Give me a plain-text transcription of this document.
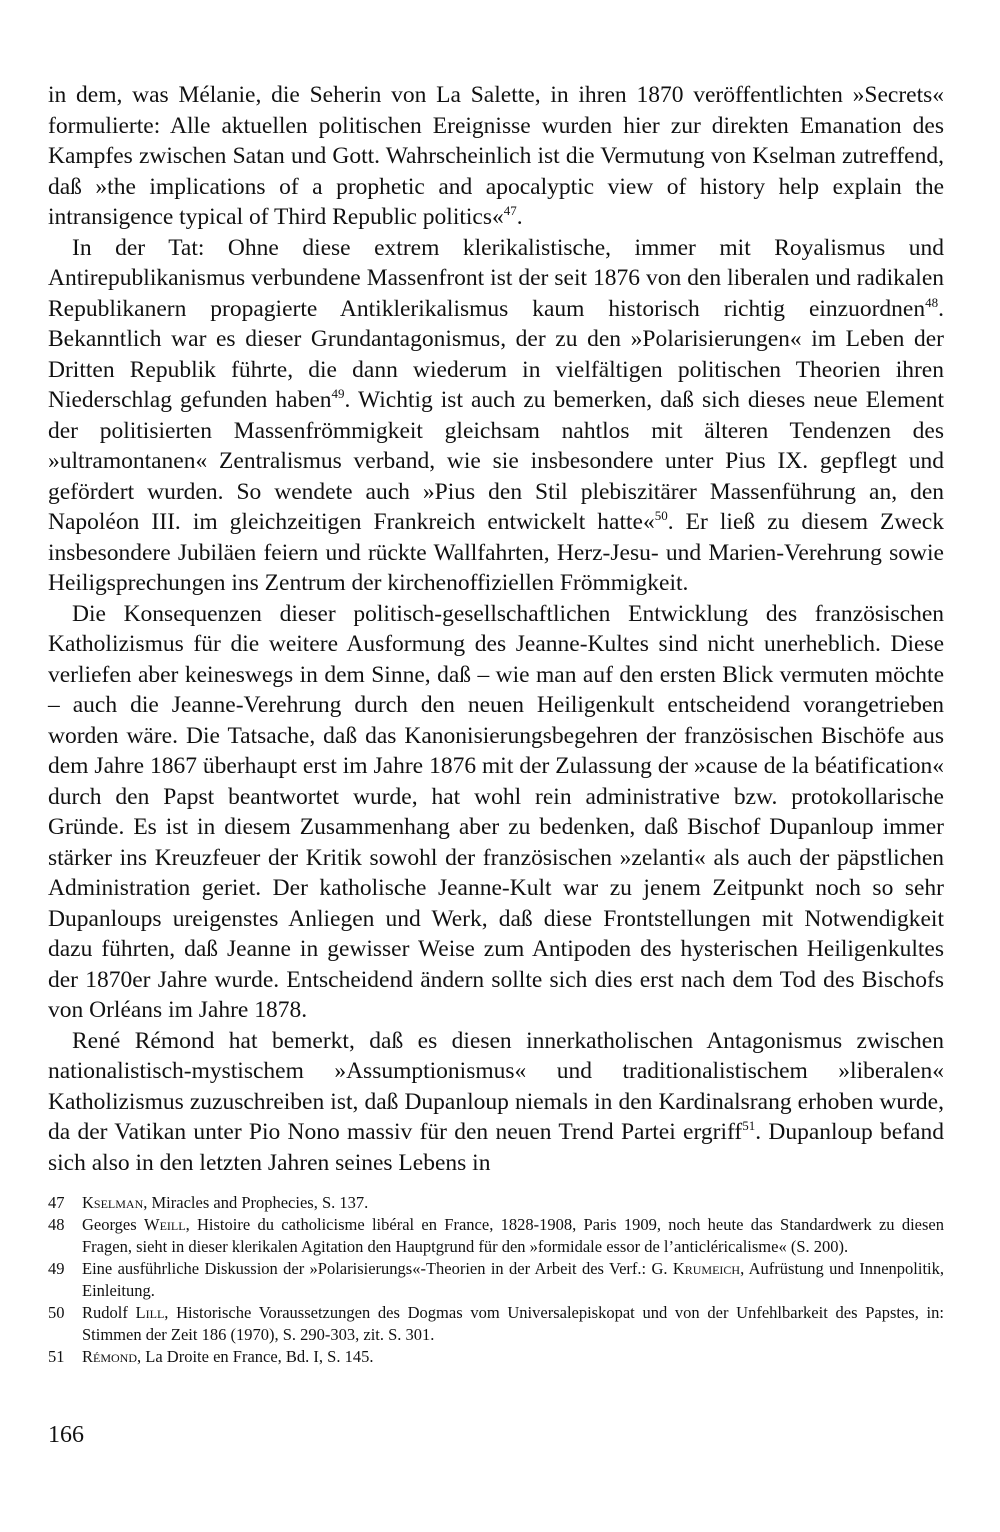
in dem, was Mélanie, die Seherin von La Salette, in ihren 1870 veröffentlichten »Secrets« formulierte: Alle aktuellen politischen Ereignisse wurden hier zur direkten Emanation des Kampfes zwischen Satan und Gott. Wahrscheinlich ist die Vermutung von Kselman zutreffend, daß »the implications of a prophetic and apocalyptic view of history help explain the intransigence typical of Third Republic politics«$^{47}$.

In der Tat: Ohne diese extrem klerikalistische, immer mit Royalismus und Antirepublikanismus verbundene Massenfront ist der seit 1876 von den liberalen und radikalen Republikanern propagierte Antiklerikalismus kaum historisch richtig einzuordnen$^{48}$. Bekanntlich war es dieser Grundantagonismus, der zu den »Polarisierungen« im Leben der Dritten Republik führte, die dann wiederum in vielfältigen politischen Theorien ihren Niederschlag gefunden haben$^{49}$. Wichtig ist auch zu bemerken, daß sich dieses neue Element der politisierten Massenfrömmigkeit gleichsam nahtlos mit älteren Tendenzen des »ultramontanen« Zentralismus verband, wie sie insbesondere unter Pius IX. gepflegt und gefördert wurden. So wendete auch »Pius den Stil plebiszitärer Massenführung an, den Napoléon III. im gleichzeitigen Frankreich entwickelt hatte«$^{50}$. Er ließ zu diesem Zweck insbesondere Jubiläen feiern und rückte Wallfahrten, Herz-Jesu- und Marien-Verehrung sowie Heiligsprechungen ins Zentrum der kirchenoffiziellen Frömmigkeit.

Die Konsequenzen dieser politisch-gesellschaftlichen Entwicklung des französischen Katholizismus für die weitere Ausformung des Jeanne-Kultes sind nicht unerheblich. Diese verliefen aber keineswegs in dem Sinne, daß – wie man auf den ersten Blick vermuten möchte – auch die Jeanne-Verehrung durch den neuen Heiligenkult entscheidend vorangetrieben worden wäre. Die Tatsache, daß das Kanonisierungsbegehren der französischen Bischöfe aus dem Jahre 1867 überhaupt erst im Jahre 1876 mit der Zulassung der »cause de la béatification« durch den Papst beantwortet wurde, hat wohl rein administrative bzw. protokollarische Gründe. Es ist in diesem Zusammenhang aber zu bedenken, daß Bischof Dupanloup immer stärker ins Kreuzfeuer der Kritik sowohl der französischen »zelanti« als auch der päpstlichen Administration geriet. Der katholische Jeanne-Kult war zu jenem Zeitpunkt noch so sehr Dupanloups ureigenstes Anliegen und Werk, daß diese Frontstellungen mit Notwendigkeit dazu führten, daß Jeanne in gewisser Weise zum Antipoden des hysterischen Heiligenkultes der 1870er Jahre wurde. Entscheidend ändern sollte sich dies erst nach dem Tod des Bischofs von Orléans im Jahre 1878.

René Rémond hat bemerkt, daß es diesen innerkatholischen Antagonismus zwischen nationalistisch-mystischem »Assumptionismus« und traditionalistischem »liberalen« Katholizismus zuzuschreiben ist, daß Dupanloup niemals in den Kardinalsrang erhoben wurde, da der Vatikan unter Pio Nono massiv für den neuen Trend Partei ergriff$^{51}$. Dupanloup befand sich also in den letzten Jahren seines Lebens in

47	Kselman, Miracles and Prophecies, S. 137.
48	Georges Weill, Histoire du catholicisme libéral en France, 1828-1908, Paris 1909, noch heute das Standardwerk zu diesen Fragen, sieht in dieser klerikalen Agitation den Hauptgrund für den »formidale essor de l’anticléricalisme« (S. 200).
49	Eine ausführliche Diskussion der »Polarisierungs«-Theorien in der Arbeit des Verf.: G. Krumeich, Aufrüstung und Innenpolitik, Einleitung.
50	Rudolf Lill, Historische Voraussetzungen des Dogmas vom Universalepiskopat und von der Unfehlbarkeit des Papstes, in: Stimmen der Zeit 186 (1970), S. 290-303, zit. S. 301.
51	Rémond, La Droite en France, Bd. I, S. 145.
166
